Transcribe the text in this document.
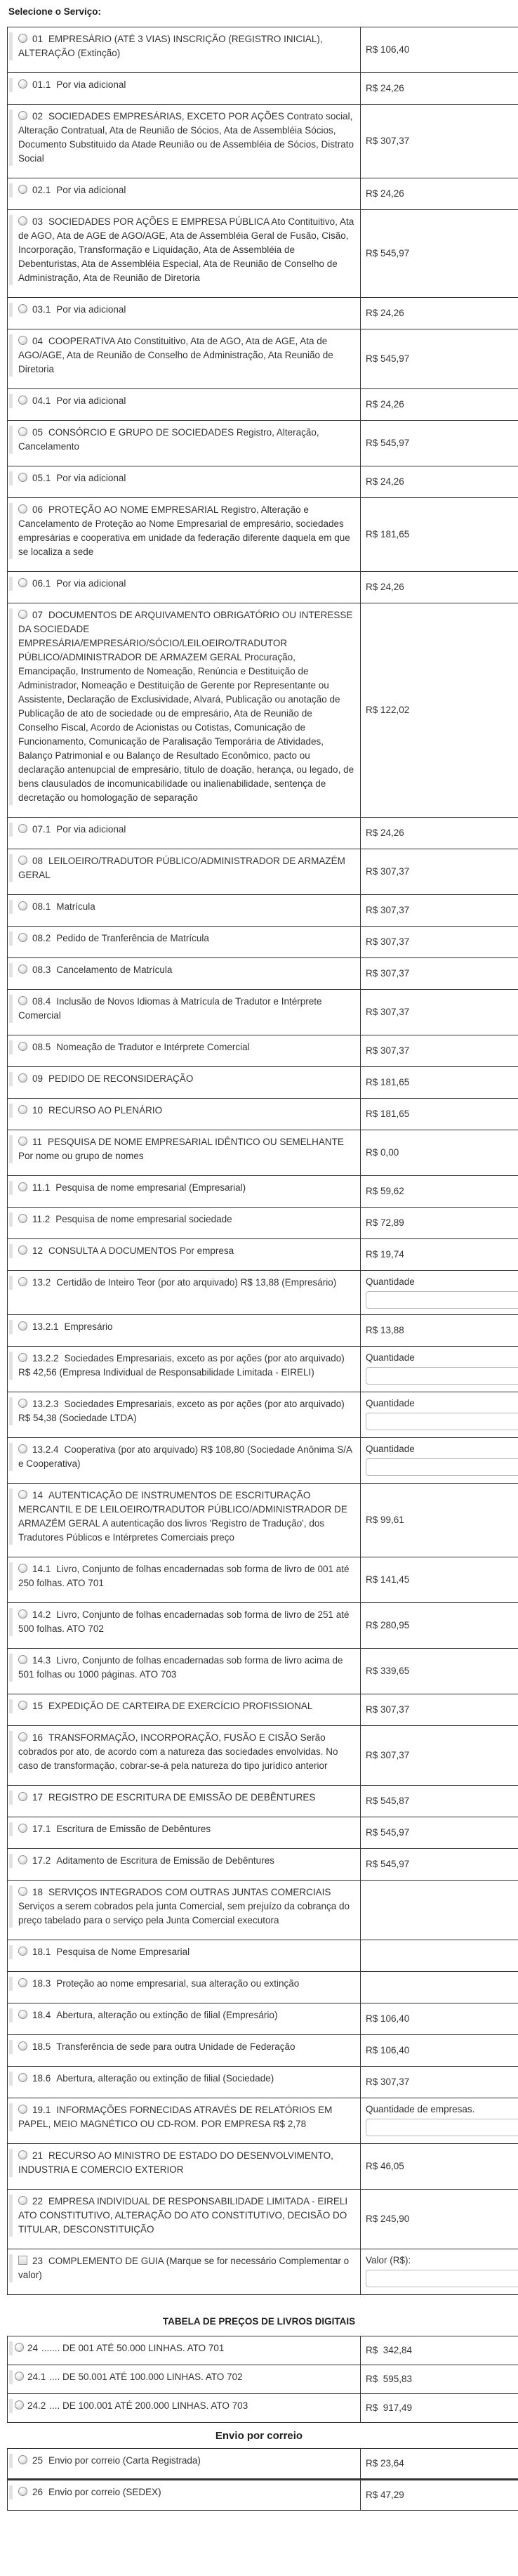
Selecione o Serviço:
01 EMPRESÁRIO (ATÉ 3 VIAS) INSCRIÇÃO (REGISTRO INICIAL), ALTERAÇÃO (Extinção)	R$ 106,40

01.1 Por via adicional	R$ 24,26

02 SOCIEDADES EMPRESÁRIAS, EXCETO POR AÇÕES Contrato social, Alteração Contratual, Ata de Reunião de Sócios, Ata de Assembléia Sócios, Documento Substituido da Atade Reunião ou de Assembléia de Sócios, Distrato Social	R$ 307,37

02.1 Por via adicional	R$ 24,26

03 SOCIEDADES POR AÇÕES E EMPRESA PÚBLICA Ato Contituitivo, Ata de AGO, Ata de AGE de AGO/AGE, Ata de Assembléia Geral de Fusão, Cisão, Incorporação, Transformação e Liquidação, Ata de Assembléia de Debenturistas, Ata de Assembléia Especial, Ata de Reunião de Conselho de Administração, Ata de Reunião de Diretoria	R$ 545,97

03.1 Por via adicional	R$ 24,26

04 COOPERATIVA Ato Constituitivo, Ata de AGO, Ata de AGE, Ata de AGO/AGE, Ata de Reunião de Conselho de Administração, Ata Reunião de Diretoria	R$ 545,97

04.1 Por via adicional	R$ 24,26

05 CONSÓRCIO E GRUPO DE SOCIEDADES Registro, Alteração, Cancelamento	R$ 545,97

05.1 Por via adicional	R$ 24,26

06 PROTEÇÃO AO NOME EMPRESARIAL Registro, Alteração e Cancelamento de Proteção ao Nome Empresarial de empresário, sociedades empresárias e cooperativa em unidade da federação diferente daquela em que se localiza a sede	R$ 181,65

06.1 Por via adicional	R$ 24,26

07 DOCUMENTOS DE ARQUIVAMENTO OBRIGATÓRIO OU INTERESSE DA SOCIEDADE EMPRESÁRIA/EMPRESÁRIO/SÓCIO/LEILOEIRO/TRADUTOR PÚBLICO/ADMINISTRADOR DE ARMAZEM GERAL Procuração, Emancipação, Instrumento de Nomeação, Renúncia e Destituição de Administrador, Nomeação e Destituição de Gerente por Representante ou Assistente, Declaração de Exclusividade, Alvará, Publicação ou anotação de Publicação de ato de sociedade ou de empresário, Ata de Reunião de Conselho Fiscal, Acordo de Acionistas ou Cotistas, Comunicação de Funcionamento, Comunicação de Paralisação Temporária de Atividades, Balanço Patrimonial e ou Balanço de Resultado Econômico, pacto ou declaração antenupcial de empresário, título de doação, herança, ou legado, de bens clausulados de incomunicabilidade ou inalienabilidade, sentença de decretação ou homologação de separação	R$ 122,02

07.1 Por via adicional	R$ 24,26

08 LEILOEIRO/TRADUTOR PÚBLICO/ADMINISTRADOR DE ARMAZÉM GERAL	R$ 307,37

08.1 Matrícula	R$ 307,37

08.2 Pedido de Tranferência de Matrícula	R$ 307,37

08.3 Cancelamento de Matrícula	R$ 307,37

08.4 Inclusão de Novos Idiomas à Matrícula de Tradutor e Intérprete Comercial	R$ 307,37

08.5 Nomeação de Tradutor e Intérprete Comercial	R$ 307,37

09 PEDIDO DE RECONSIDERAÇÃO	R$ 181,65

10 RECURSO AO PLENÁRIO	R$ 181,65

11 PESQUISA DE NOME EMPRESARIAL IDÊNTICO OU SEMELHANTE Por nome ou grupo de nomes	R$ 0,00

11.1 Pesquisa de nome empresarial (Empresarial)	R$ 59,62

11.2 Pesquisa de nome empresarial sociedade	R$ 72,89

12 CONSULTA A DOCUMENTOS Por empresa	R$ 19,74

13.2 Certidão de Inteiro Teor (por ato arquivado) R$ 13,88 (Empresário)	Quantidade

13.2.1 Empresário	R$ 13,88

13.2.2 Sociedades Empresariais, exceto as por ações (por ato arquivado) R$ 42,56 (Empresa Individual de Responsabilidade Limitada - EIRELI)	Quantidade

13.2.3 Sociedades Empresariais, exceto as por ações (por ato arquivado) R$ 54,38 (Sociedade LTDA)	Quantidade

13.2.4 Cooperativa (por ato arquivado) R$ 108,80 (Sociedade Anônima S/A e Cooperativa)	Quantidade

14 AUTENTICAÇÃO DE INSTRUMENTOS DE ESCRITURAÇÃO MERCANTIL E DE LEILOEIRO/TRADUTOR PÚBLICO/ADMINISTRADOR DE ARMAZÉM GERAL A autenticação dos livros 'Registro de Tradução', dos Tradutores Públicos e Intérpretes Comerciais preço	R$ 99,61

14.1 Livro, Conjunto de folhas encadernadas sob forma de livro de 001 até 250 folhas. ATO 701	R$ 141,45

14.2 Livro, Conjunto de folhas encadernadas sob forma de livro de 251 até 500 folhas. ATO 702	R$ 280,95

14.3 Livro, Conjunto de folhas encadernadas sob forma de livro acima de 501 folhas ou 1000 páginas. ATO 703	R$ 339,65

15 EXPEDIÇÃO DE CARTEIRA DE EXERCÍCIO PROFISSIONAL	R$ 307,37

16 TRANSFORMAÇÃO, INCORPORAÇÃO, FUSÃO E CISÃO Serão cobrados por ato, de acordo com a natureza das sociedades envolvidas. No caso de transformação, cobrar-se-á pela natureza do tipo jurídico anterior	R$ 307,37

17 REGISTRO DE ESCRITURA DE EMISSÃO DE DEBÊNTURES	R$ 545,87

17.1 Escritura de Emissão de Debêntures	R$ 545,97

17.2 Aditamento de Escritura de Emissão de Debêntures	R$ 545,97

18 SERVIÇOS INTEGRADOS COM OUTRAS JUNTAS COMERCIAIS Serviços a serem cobrados pela junta Comercial, sem prejuízo da cobrança do preço tabelado para o serviço pela Junta Comercial executora	

18.1 Pesquisa de Nome Empresarial	

18.3 Proteção ao nome empresarial, sua alteração ou extinção	

18.4 Abertura, alteração ou extinção de filial (Empresário)	R$ 106,40

18.5 Transferência de sede para outra Unidade de Federação	R$ 106,40

18.6 Abertura, alteração ou extinção de filial (Sociedade)	R$ 307,37

19.1 INFORMAÇÕES FORNECIDAS ATRAVÉS DE RELATÓRIOS EM PAPEL, MEIO MAGNÉTICO OU CD-ROM. POR EMPRESA R$ 2,78	Quantidade de empresas.

21 RECURSO AO MINISTRO DE ESTADO DO DESENVOLVIMENTO, INDUSTRIA E COMERCIO EXTERIOR	R$ 46,05

22 EMPRESA INDIVIDUAL DE RESPONSABILIDADE LIMITADA - EIRELI ATO CONSTITUTIVO, ALTERAÇÃO DO ATO CONSTITUTIVO, DECISÃO DO TITULAR, DESCONSTITUIÇÃO	R$ 245,90

23 COMPLEMENTO DE GUIA (Marque se for necessário Complementar o valor)	Valor (R$):
TABELA DE PREÇOS DE LIVROS DIGITAIS
24 ....... DE 001 ATÉ 50.000 LINHAS. ATO 701	R$  342,84

24.1 .... DE 50.001 ATÉ 100.000 LINHAS. ATO 702	R$  595,83

24.2 .... DE 100.001 ATÉ 200.000 LINHAS. ATO 703	R$  917,49
Envio por correio
25 Envio por correio (Carta Registrada)	R$ 23,64

26 Envio por correio (SEDEX)	R$ 47,29
